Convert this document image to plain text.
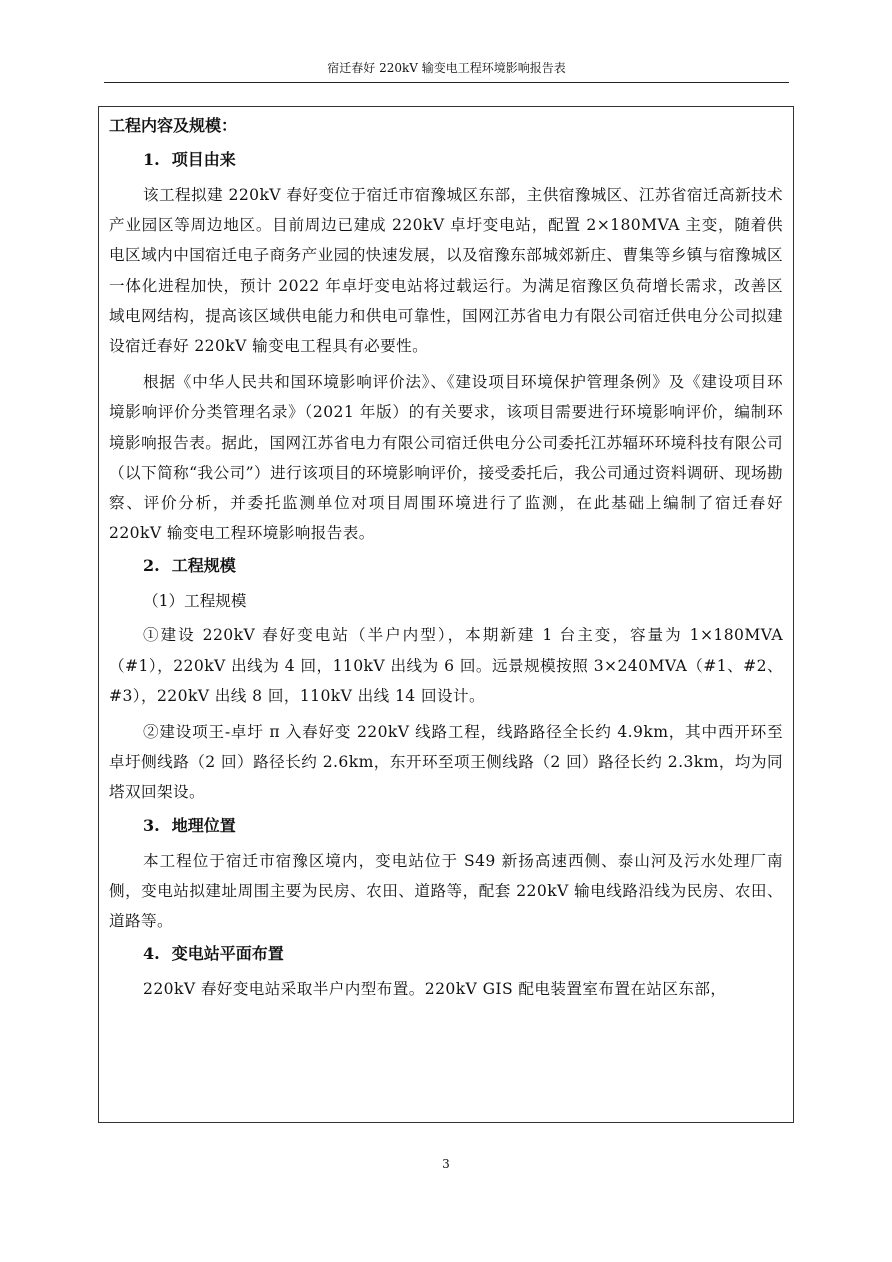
宿迁春好 220kV 输变电工程环境影响报告表
工程内容及规模：
1. 项目由来

该工程拟建 220kV 春好变位于宿迁市宿豫城区东部，主供宿豫城区、江苏省宿迁高新技术产业园区等周边地区。目前周边已建成 220kV 卓圩变电站，配置 2×180MVA 主变，随着供电区域内中国宿迁电子商务产业园的快速发展，以及宿豫东部城郊新庄、曹集等乡镇与宿豫城区一体化进程加快，预计 2022 年卓圩变电站将过载运行。为满足宿豫区负荷增长需求，改善区域电网结构，提高该区域供电能力和供电可靠性，国网江苏省电力有限公司宿迁供电分公司拟建设宿迁春好 220kV 输变电工程具有必要性。

根据《中华人民共和国环境影响评价法》、《建设项目环境保护管理条例》及《建设项目环境影响评价分类管理名录》（2021 年版）的有关要求，该项目需要进行环境影响评价，编制环境影响报告表。据此，国网江苏省电力有限公司宿迁供电分公司委托江苏辐环环境科技有限公司（以下简称“我公司”）进行该项目的环境影响评价，接受委托后，我公司通过资料调研、现场勘察、评价分析，并委托监测单位对项目周围环境进行了监测，在此基础上编制了宿迁春好 220kV 输变电工程环境影响报告表。

2. 工程规模
（1）工程规模

①建设 220kV 春好变电站（半户内型），本期新建 1 台主变，容量为 1×180MVA（#1），220kV 出线为 4 回，110kV 出线为 6 回。远景规模按照 3×240MVA（#1、#2、#3），220kV 出线 8 回，110kV 出线 14 回设计。

②建设项王-卓圩 π 入春好变 220kV 线路工程，线路路径全长约 4.9km，其中西开环至卓圩侧线路（2 回）路径长约 2.6km，东开环至项王侧线路（2 回）路径长约 2.3km，均为同塔双回架设。

3. 地理位置

本工程位于宿迁市宿豫区境内，变电站位于 S49 新扬高速西侧、泰山河及污水处理厂南侧，变电站拟建址周围主要为民房、农田、道路等，配套 220kV 输电线路沿线为民房、农田、道路等。

4. 变电站平面布置

220kV 春好变电站采取半户内型布置。220kV GIS 配电装置室布置在站区东部，

3
